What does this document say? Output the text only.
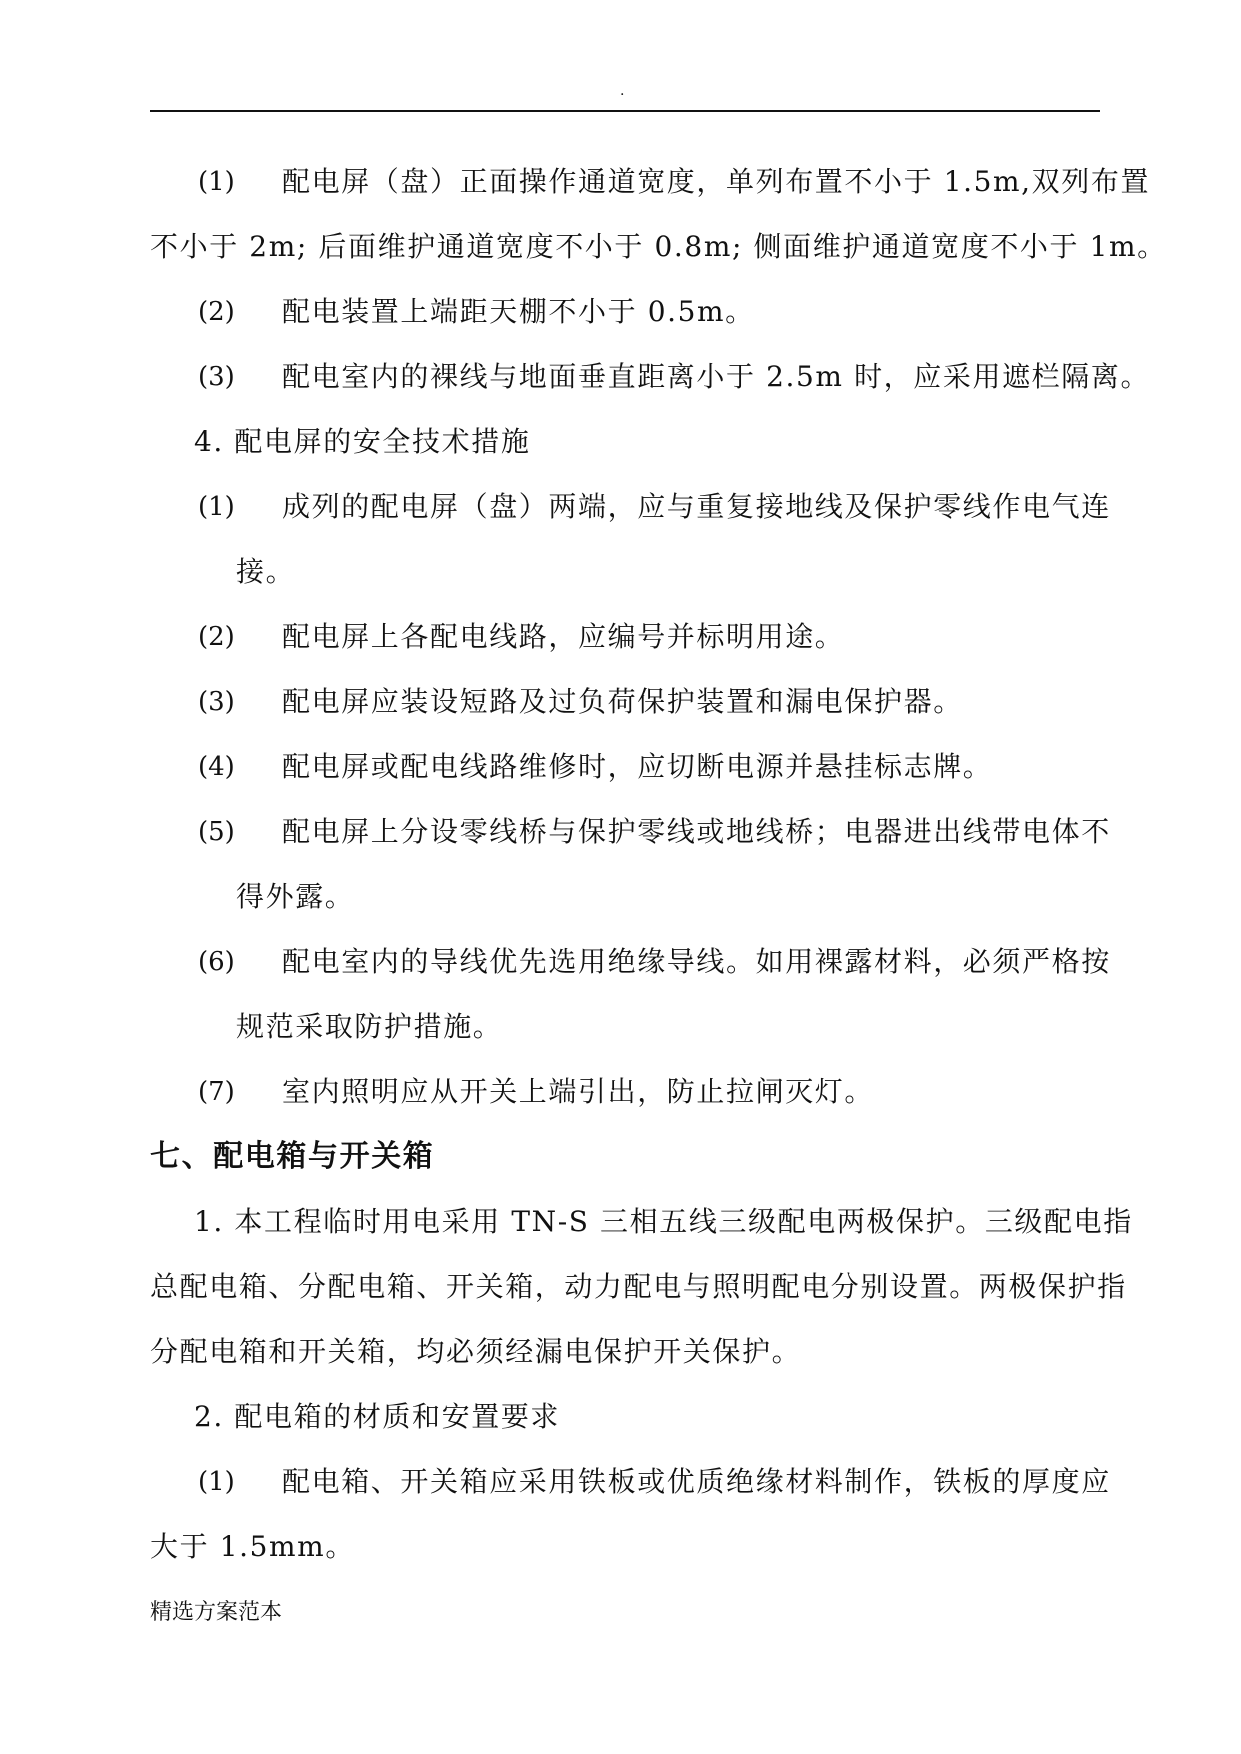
.
(1) 配电屏（盘）正面操作通道宽度，单列布置不小于 1.5m,双列布置
不小于 2m; 后面维护通道宽度不小于 0.8m; 侧面维护通道宽度不小于 1m。
(2) 配电装置上端距天棚不小于 0.5m。
(3) 配电室内的裸线与地面垂直距离小于 2.5m 时，应采用遮栏隔离。
4. 配电屏的安全技术措施
(1) 成列的配电屏（盘）两端，应与重复接地线及保护零线作电气连
接。
(2) 配电屏上各配电线路，应编号并标明用途。
(3) 配电屏应装设短路及过负荷保护装置和漏电保护器。
(4) 配电屏或配电线路维修时，应切断电源并悬挂标志牌。
(5) 配电屏上分设零线桥与保护零线或地线桥；电器进出线带电体不
得外露。
(6) 配电室内的导线优先选用绝缘导线。如用裸露材料，必须严格按
规范采取防护措施。
(7) 室内照明应从开关上端引出，防止拉闸灭灯。
七、配电箱与开关箱
1. 本工程临时用电采用 TN-S 三相五线三级配电两极保护。三级配电指
总配电箱、分配电箱、开关箱，动力配电与照明配电分别设置。两极保护指
分配电箱和开关箱，均必须经漏电保护开关保护。
2. 配电箱的材质和安置要求
(1) 配电箱、开关箱应采用铁板或优质绝缘材料制作，铁板的厚度应
大于 1.5mm。
精选方案范本
